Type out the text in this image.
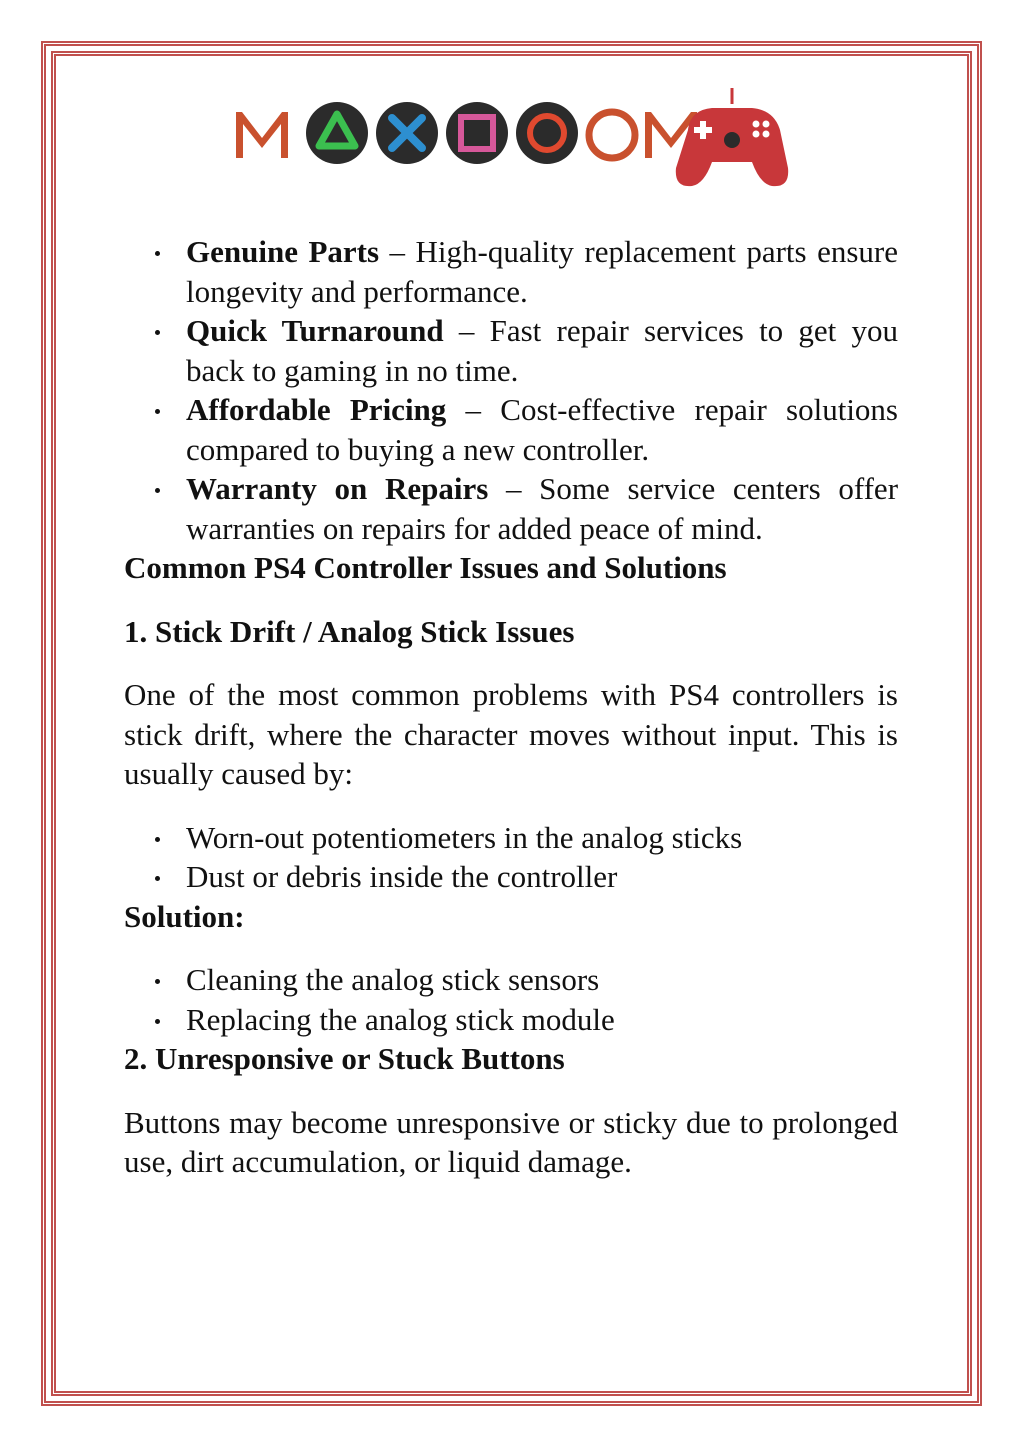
Genuine Parts – High-quality replacement parts ensure longevity and performance.
Quick Turnaround – Fast repair services to get you back to gaming in no time.
Affordable Pricing – Cost-effective repair solutions compared to buying a new controller.
Warranty on Repairs – Some service centers offer warranties on repairs for added peace of mind.

Common PS4 Controller Issues and Solutions

1. Stick Drift / Analog Stick Issues

One of the most common problems with PS4 controllers is stick drift, where the character moves without input. This is usually caused by:

Worn-out potentiometers in the analog sticks
Dust or debris inside the controller

Solution:

Cleaning the analog stick sensors
Replacing the analog stick module

2. Unresponsive or Stuck Buttons

Buttons may become unresponsive or sticky due to prolonged use, dirt accumulation, or liquid damage.
